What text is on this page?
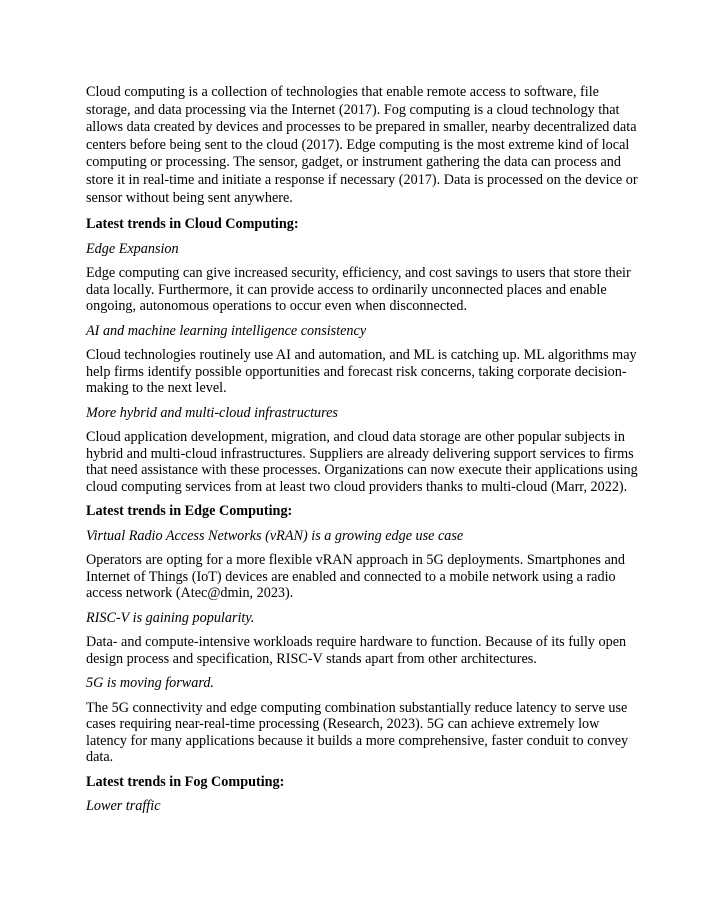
Cloud computing is a collection of technologies that enable remote access to software, file storage, and data processing via the Internet (2017). Fog computing is a cloud technology that allows data created by devices and processes to be prepared in smaller, nearby decentralized data centers before being sent to the cloud (2017). Edge computing is the most extreme kind of local computing or processing. The sensor, gadget, or instrument gathering the data can process and store it in real-time and initiate a response if necessary (2017). Data is processed on the device or sensor without being sent anywhere.

Latest trends in Cloud Computing:

Edge Expansion

Edge computing can give increased security, efficiency, and cost savings to users that store their data locally. Furthermore, it can provide access to ordinarily unconnected places and enable ongoing, autonomous operations to occur even when disconnected.

AI and machine learning intelligence consistency

Cloud technologies routinely use AI and automation, and ML is catching up. ML algorithms may help firms identify possible opportunities and forecast risk concerns, taking corporate decision-making to the next level.

More hybrid and multi-cloud infrastructures

Cloud application development, migration, and cloud data storage are other popular subjects in hybrid and multi-cloud infrastructures. Suppliers are already delivering support services to firms that need assistance with these processes. Organizations can now execute their applications using cloud computing services from at least two cloud providers thanks to multi-cloud (Marr, 2022).

Latest trends in Edge Computing:

Virtual Radio Access Networks (vRAN) is a growing edge use case

Operators are opting for a more flexible vRAN approach in 5G deployments. Smartphones and Internet of Things (IoT) devices are enabled and connected to a mobile network using a radio access network (Atec@dmin, 2023).

RISC-V is gaining popularity.

Data- and compute-intensive workloads require hardware to function. Because of its fully open design process and specification, RISC-V stands apart from other architectures.

5G is moving forward.

The 5G connectivity and edge computing combination substantially reduce latency to serve use cases requiring near-real-time processing (Research, 2023). 5G can achieve extremely low latency for many applications because it builds a more comprehensive, faster conduit to convey data.

Latest trends in Fog Computing:

Lower traffic
